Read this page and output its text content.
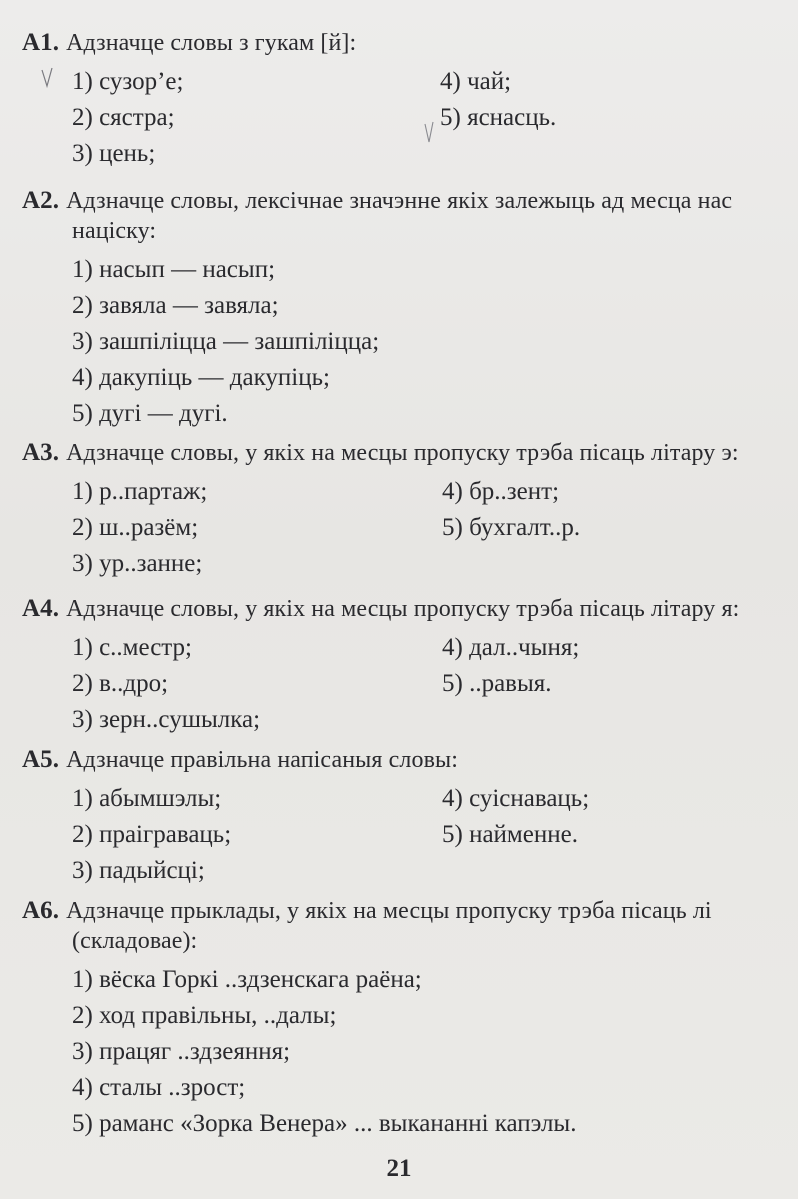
A1. Адзначце словы з гукам [й]:
1) сузор’е;
2) сястра;
3) цень;
4) чай;
5) яснасць.
A2. Адзначце словы, лексічнае значэнне якіх залежыць ад месца нас
націску:
1) насып — насып;
2) завяла — завяла;
3) зашпіліцца — зашпіліцца;
4) дакупіць — дакупіць;
5) дугі — дугі.
A3. Адзначце словы, у якіх на месцы пропуску трэба пісаць літару э:
1) р..партаж;
2) ш..разём;
3) ур..занне;
4) бр..зент;
5) бухгалт..р.
A4. Адзначце словы, у якіх на месцы пропуску трэба пісаць літару я:
1) с..местр;
2) в..дро;
3) зерн..сушылка;
4) дал..чыня;
5) ..равыя.
A5. Адзначце правільна напісаныя словы:
1) абымшэлы;
2) праіграваць;
3) падыйсці;
4) суіснаваць;
5) найменне.
A6. Адзначце прыклады, у якіх на месцы пропуску трэба пісаць лі
(складовае):
1) вёска Горкі ..здзенскага раёна;
2) ход правільны, ..далы;
3) працяг ..здзеяння;
4) сталы ..зрост;
5) раманс «Зорка Венера» ... выкананні капэлы.
21
